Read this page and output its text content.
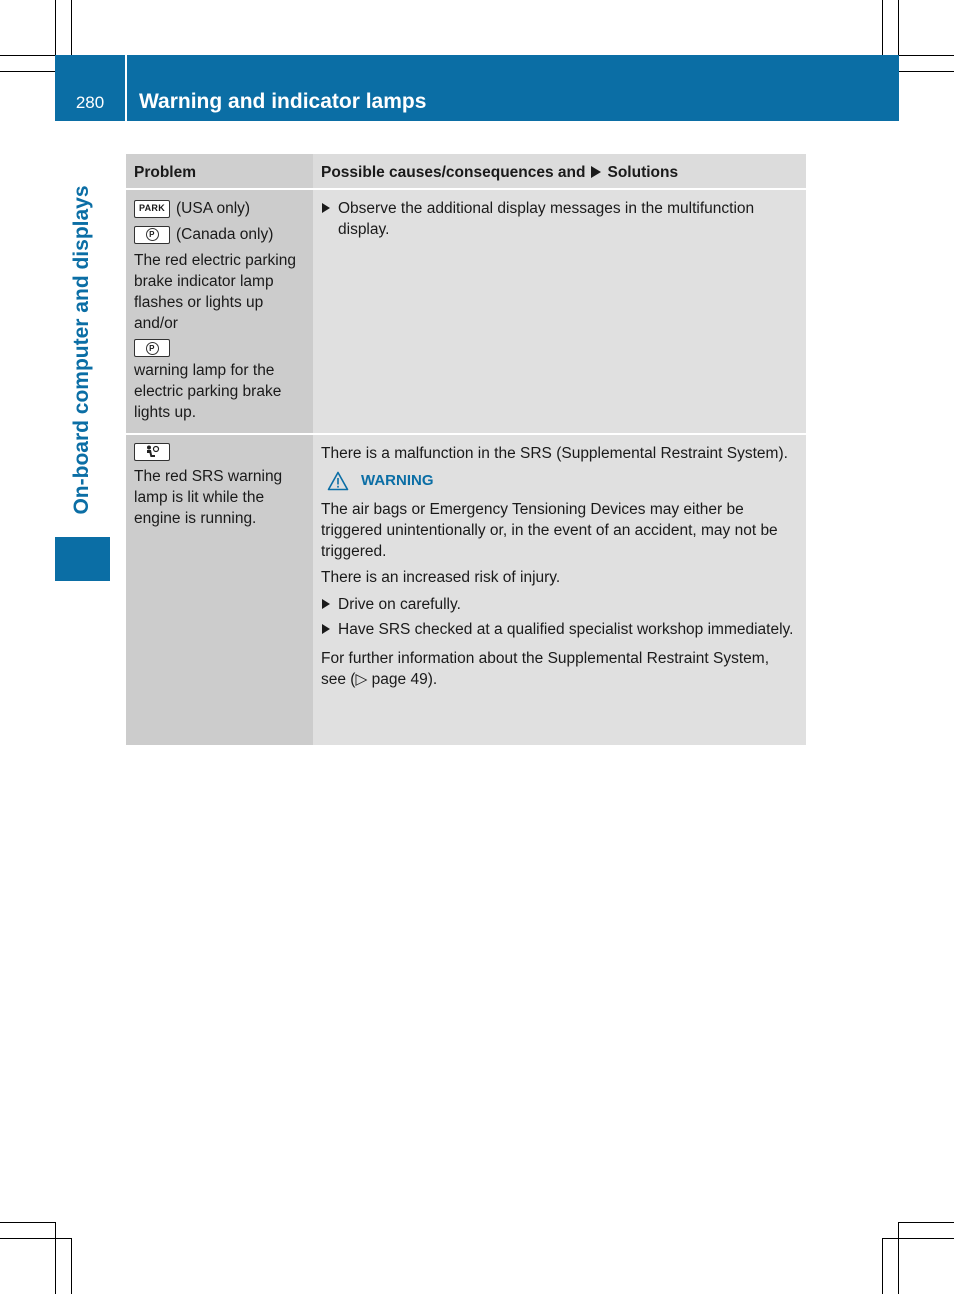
280	Warning and indicator lamps
On-board computer and displays
Problem	Possible causes/consequences and Solutions
PARK (USA only)
P (Canada only)
The red electric parking brake indicator lamp flashes or lights up and/or
P
warning lamp for the electric parking brake lights up.
Observe the additional display messages in the multifunction display.
The red SRS warning lamp is lit while the engine is running.
There is a malfunction in the SRS (Supplemental Restraint System).
WARNING
The air bags or Emergency Tensioning Devices may either be triggered unintentionally or, in the event of an accident, may not be triggered.
There is an increased risk of injury.
Drive on carefully.
Have SRS checked at a qualified specialist workshop immediately.
For further information about the Supplemental Restraint System, see (▷ page 49).
